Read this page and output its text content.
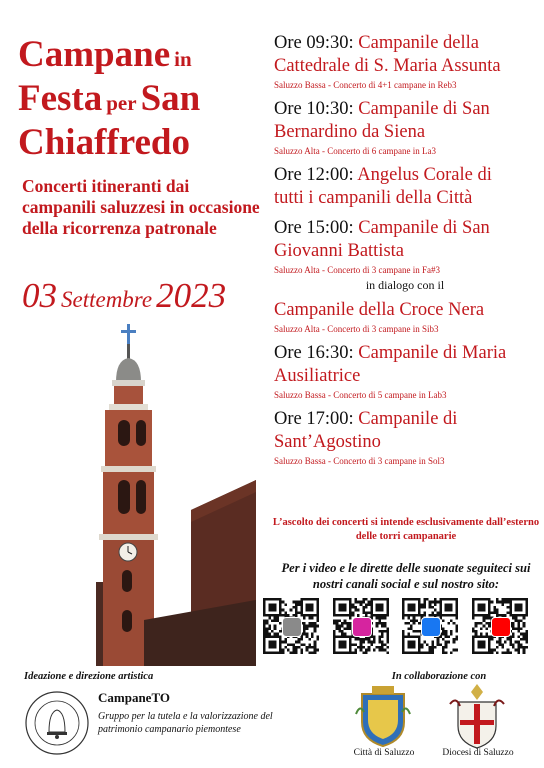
Campane in
Festa per San
Chiaffredo
Concerti itineranti dai campanili saluzzesi in occasione della ricorrenza patronale
03 Settembre 2023
Ore 09:30: Campanile della
Cattedrale di S. Maria Assunta
Saluzzo Bassa - Concerto di 4+1 campane in Reb3
Ore 10:30: Campanile di San
Bernardino da Siena
Saluzzo Alta - Concerto di 6 campane in La3
Ore 12:00: Angelus Corale di
tutti i campanili della Città
Ore 15:00: Campanile di San
Giovanni Battista
Saluzzo Alta - Concerto di 3 campane in Fa#3
in dialogo con il
Campanile della Croce Nera
Saluzzo Alta - Concerto di 3 campane in Sib3
Ore 16:30: Campanile di Maria
Ausiliatrice
Saluzzo Bassa - Concerto di 5 campane in Lab3
Ore 17:00: Campanile di
Sant’Agostino
Saluzzo Bassa - Concerto di 3 campane in Sol3
L’ascolto dei concerti si intende esclusivamente dall’esterno delle torri campanarie
Per i video e le dirette delle suonate seguiteci sui nostri canali social e sul nostro sito:
Ideazione e direzione artistica
CampaneTO
Gruppo per la tutela e la valorizzazione del patrimonio campanario piemontese
In collaborazione con
Città di Saluzzo	Diocesi di Saluzzo
